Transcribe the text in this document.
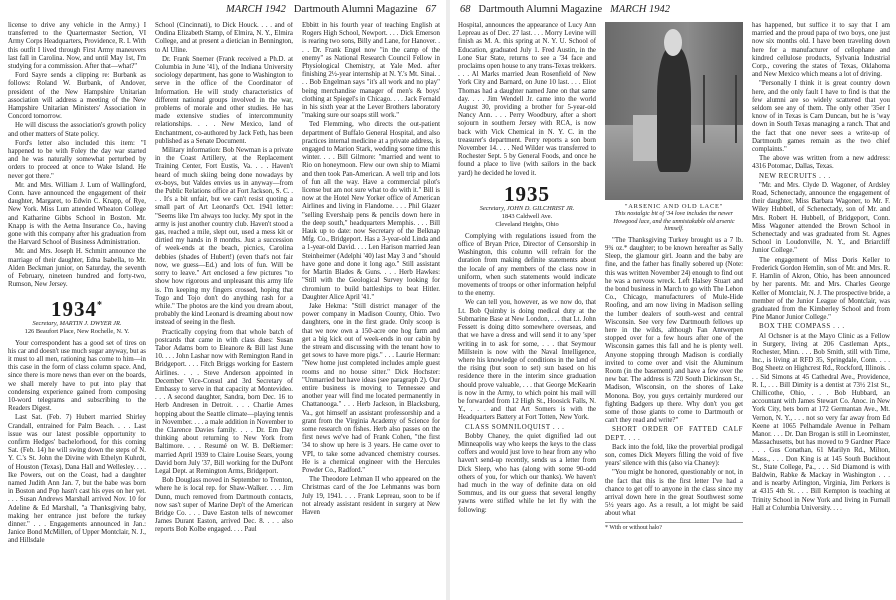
MARCH 1942 Dartmouth Alumni Magazine 67

license to drive any vehicle in the Army.) I transferred to the Quartermaster Section, VI Army Corps Headquarters, Providence, R. I. With this outfit I lived through First Army maneuvers last fall in Carolina. Now, and until May 1st, I'm studying for a commission. After that—what?"

Ford Sayre sends a clipping re: Burbank as follows: Roland W. Burbank, of Andover, president of the New Hampshire Unitarian association will address a meeting of the New Hampshire Unitarian Ministers' Association in Concord tomorrow.

He will discuss the association's growth policy and other matters of State policy.

Ford's letter also included this item: "I happened to be with Foley the day war started and he was naturally somewhat perturbed by orders to proceed at once to Wake Island. He never got there."

Mr. and Mrs. William J. Lum of Wallingford, Conn. have announced the engagement of their daughter, Margaret, to Edwin C. Knapp, of Rye, New York. Miss Lum attended Wheaton College and Katharine Gibbs School in Boston. Mr. Knapp is with the Aetna Insurance Co., having gone with this company after his graduation from the Harvard School of Business Administration.

Mr. and Mrs. Joseph H. Schmitt announce the marriage of their daughter, Edna Isabella, to Mr. Alden Beckman junior, on Saturday, the seventh of February, nineteen hundred and forty-two, Rumson, New Jersey.

1934*
Secretary, MARTIN J. DWYER JR.
126 Beaufort Place, New Rochelle, N. Y.

Your correspondent has a good set of tires on his car and doesn't use much sugar anyway, but as it must to all men, rationing has come to him—in this case in the form of class column space. And, since there is more news than ever on the boards, we shall merely have to put into play that condensing experience gained from composing 10-word telegrams and subscribing to the Readers Digest.

Last Sat. (Feb. 7) Hubert married Shirley Crandall, entrained for Palm Beach. . . . Last issue was our latest possible opportunity to confirm Hedges' bachelorhood, for this coming Sat. (Feb. 14) he will swing down the steps of N. Y. C.'s St. John the Divine with Ethelyn Kuhrdt, of Houston (Texas), Dana Hall and Wellesley. . . . Ike Powers, out on the Coast, had a daughter named Judith Ann Jan. 7, but the babe was born in Boston and Pop hasn't cast his eyes on her yet. . . . Susan Andrews Marshall arrived Nov. 10 for Adeline & Ed Marshall, "a Thanksgiving baby, making her entrance just before the turkey dinner." . . . Engagements announced in Jan.: Janice Bond McMillen, of Upper Montclair, N. J., and Hillsdale

School (Cincinnati), to Dick Houck. . . . and of Ondina Elizabeth Stamp, of Elmira, N. Y., Elmira College, and at present a dietician in Bennington, to Al Uline.

Dr. Frank Snerner (Frank received a Ph.D. at Columbia in June '41), of the Indiana University sociology department, has gone to Washington to serve in the office of the Coordinator of Information. He will study characteristics of different national groups involved in the war, problems of morale and other studies. He has made extensive studies of intercommunity relationships. . . . New Mexico, land of Enchantment, co-authored by Jack Feth, has been published as a Senate Document.

Military information: Bob Newman is a private in the Coast Artillery, at the Replacement Training Center, Fort Eustis, Va. . . . Haven't heard of much skiing being done nowadays by ex-boys, but Valdes envies us in anyway—from the Public Relations office at Fort Jackson, S. C. . . . It's a bit unfair, but we can't resist quoting a small part of Art Leonard's Oct. 1941 letter: "Seems like I'm always too lucky. My spot in the army is just another country club. Haven't stood a gas, reached a mile, slept out, used a mess kit or dirtied my hands in 8 months. Just a succession of week-ends at the beach, picnics, Carolina debbies (shades of Hubert!) (even that's not fair now, we guess—Ed.) and lots of fun. Will be sorry to leave." Art enclosed a few pictures "to show how rigorous and unpleasant this army life is. I'm keeping my fingers crossed, hoping that Togo and Tojo don't do anything rash for a while." The photos are the kind you dream about, probably the kind Leonard is dreaming about now instead of seeing in the flesh.

Practically copying from that whole batch of postcards that came in with class dues: Susan Tabor Adams born to Eleanore & Bill last June 10. . . . John Lashar now with Remington Rand in Bridgeport. . . . Fitch Briggs working for Eastern Airlines. . . . Steve Anderson appointed in December Vice-Consul and 3rd Secretary of Embassy to serve in that capacity at Montevideo. . . . A second daughter, Sandra, born Dec. 16 to Herb Andresen in Detroit. . . . Charlie Ames hopping about the Seattle climate—playing tennis in November. . . . a male addition in November to the Clarence Davies family. . . . Dr. Em Day thinking about returning to New York from Baltimore. . . . Resumé on W. B. DeRiemer: married April 1939 to Claire Louise Sears, young David born July '37, Bill working for the DuPont Legal Dept. at Remington Arms, Bridgeport.

Bob Douglass moved in September to Trenton, where he is local rep. for Shaw-Walker. . . . Jim Dunn, much removed from Dartmouth contacts, now sas't super of Marine Dep't of the American Bridge Co. . . . Dave Easton tells of newcomer James Durant Easton, arrived Dec. 8. . . . also reports Bob Kolbe engaged. . . . Paul

Ebbitt in his fourth year of teaching English at Rogers High School, Newport. . . . Dick Emerson is rearing two sons, Billy and Lane, for Hanover. . . . Dr. Frank Engel now "in the camp of the enemy" as National Research Council Fellow in Physiological Chemistry, at Yale Med. after finishing 2½-year internship at N. Y.'s Mt. Sinai. . . . Bob Engelman says "it's all work and no play" being merchandise manager of men's & boys' clothing at Spiegel's in Chicago. . . . Jack Fernald in his sixth year at the Lever Brothers laboratory "making sure our soaps still work."

Ted Flemming, who directs the out-patient department of Buffalo General Hospital, and also practices internal medicine at a private address, is engaged to Marion Stark, wedding some time this winter. . . . Bill Gilmore: "married and went to Rio on honeymoon. Flew our own ship to Miami and then took Pan-American. A well trip and lots of fun all the way. Have a commercial pilot's license but am not sure what to do with it." Bill is now at the Hotel New Yorker office of American Airlines and living in Flandome. . . . Phil Glazer "selling Evershaip pens & pencils down here in the deep south," headquarters Memphis. . . . Bill Hauk up to date: now Secretary of the Belknap Mfg. Co., Bridgeport. Has a 3-year-old Linda and a 1-year-old David. . . . Len Harison married Jean Steinheimer (Adelphi '40) last May 3 and "should have gone and done it long ago." Still assistant for Martin Blades & Guns. . . . Herb Hawkes: "Still with the Geological Survey looking for chromium to build battleships to beat Hitler. Daughter Alice April '41."

Jake Hekma: "Still district manager of the power company in Madison County, Ohio. Two daughters, one in the first grade. Only scoop is that we now own a 150-acre one hog farm and get a big kick out of week-ends in our cabin by the stream and discussing with the tenant how to get sows to have more pigs." . . . Laurie Herman: "New home just completed includes ample guest rooms and no house sitter." Dick Hochster: "Unmarried but have ideas (see paragraph 2). Our entire business is moving to Tennessee and another year will find me located permanently in Chattanooga." . . . Herb Jackson, in Blacksburg, Va., got himself an assistant professorship and a grant from the Virginia Academy of Science for some research on fishes. Herb also passes on the first news we've had of Frank Cohen, "the first '34 to show up here is 3 years. He came over to VPI, to take some advanced chemistry courses. He is a chemical engineer with the Hercules Powder Co., Radford."

The Theodore Lehman II who appeared on the Christmas card of the Joe Lehmanns was born July 19, 1941. . . . Frank Lepreau, soon to be if not already assistant resident in surgery at New Haven

68 Dartmouth Alumni Magazine MARCH 1942

Hospital, announces the appearance of Lucy Ann Lepreau as of Dec. 27 last. . . . Morry Levine will finish as M. A. this spring at N. Y. U. School of Education, graduated July 1. Fred Austin, in the Lone Star State, returns to see a '34 face and proclaims open house to any trans-Texas trekkers. . . . Al Marks married Jean Rosenfield of New York City and Barnard, on June 10 last. . . . Eliot Thomas had a daughter named Jane on that same day. . . . Jim Wendell Jr. came into the world August 30, providing a brother for 5-year-old Nancy Ann. . . . Perry Woodbury, after a short sojourn in southern Jersey with RCA, is now back with Vick Chemical in N. Y. C. in the treasurer's department. Perry reports a son born November 14. . . . Ned Wilder was transferred to Rochester Sept. 5 by General Foods, and once he found a place to live (with sailors in the back yard) he decided he loved it.

1935
Secretary, JOHN D. GILCHRIST JR.
1843 Caldwell Ave.
Cleveland Heights, Ohio

Complying with regulations issued from the office of Bryan Price, Director of Censorship in Washington, this column will refrain for the duration from making definite statements about the locale of any members of the class now in uniform, when such statements would indicate movements of troops or other information helpful to the enemy.

We can tell you, however, as we now do, that Lt. Bob Quimby is doing medical duty at the Submarine Base at New London, . . . that Lt. John Fessett is doing ditto somewhere overseas, and that we have a dress and will send it to any 'sper writing in to ask for some, . . . that Seymour Millstein is now with the Naval Intelligence, where his knowledge of conditions in the land of the rising (but soon to set) sun based on his residence there in the interim since graduation should prove valuable, . . . that George McKearin is now in the Army, to which point his mail will be forwarded from 12 High St., Hoosick Falls, N. Y., . . . and that Art Somers is with the Headquarters Battery at Fort Totten, New York.

CLASS SOMNILOQUIST . . .

Bobby Chaney, the quiet dignified lad out Minneapolis way who keeps the keys to the class coffers and would just love to hear from any who haven't send-up recently, sends us a letter from Dick Sleep, who has (along with some 90-odd others of you, for which our thanks). We haven't had much in the way of definite data on old Sommus, and its our guess that several lengthy yawns were stifled while he let fly with the following:

"ARSENIC AND OLD LACE"
This nostalgic bit of '34 love includes the newer Howgood lace, and the unmistakable old arsenic himself.

"The Thanksgiving Turkey brought us a 7 lb. 9¾ oz.* daughter; to be known hereafter as Sally Sleep, the glamour girl. Joann and the baby are fine, and the father has finally sobered up (Note: this was written November 24) enough to find out he was a nervous wreck. Left Halsey Stuart and the bond business in March to go with The Lehon Co., Chicago, manufacturers of Mule-Hide Roofing, and am now living in Madison selling the lumber dealers of south-west and central Wisconsin. See very few Dartmouth fellows up here in the wilds, although Fan Antwerpen stopped over for a few hours after one of the Wisconsin games this fall and he is plenty well. Anyone stopping through Madison is cordially invited to come over and visit the Aluminum Room (in the basement) and have a few over the new bar. The address is 720 South Dickinson St., Madison, Wisconsin, on the shores of Lake Monona. Boy, you guys certainly murdered our fighting Badgers up there. Why don't you get some of those giants to come to Dartmouth or can't they read and write?"

SHORT ORDER OF FATTED CALF DEPT. . . .

Back into the fold, like the proverbial prodigal son, comes Dick Meyers filling the void of five years' silence with this (also via Chaney):

"You might be honored, questionably or not, in the fact that this is the first letter I've had a chance to get off to anyone in the class since my arrival down here in the great Southwest some 5½ years ago. As a result, a lot might be said about what

* With or without halo?

has happened, but suffice it to say that I am married and the proud papa of two boys, one just now six months old. I have been traveling down here for a manufacturer of cellophane and kindred cellulose products, Sylvania Industrial Corp., covering the states of Texas, Oklahoma and New Mexico which means a lot of driving.

"Personally I think it is great country down here, and the only fault I have to find is that the few alumni are so widely scattered that you seldom see any of them. The only other '35er I know of in Texas is Cam Duncan, but he is 'way down in South Texas managing a ranch. That and the fact that one never sees a write-up of Dartmouth games remain as the two chief complaints."

The above was written from a new address: 4316 Potomac, Dallas, Texas.

NEW RECRUITS . . .

"Mr. and Mrs. Clyde D. Wagoner, of Ardsley Road, Schenectady, announce the engagement of their daughter, Miss Barbara Wagoner, to Mr. F. Wiley Hubbell, of Schenectady, son of Mr. and Mrs. Robert H. Hubbell, of Bridgeport, Conn. Miss Wagoner attended the Brown School in Schenectady and was graduated from St. Agnes School in Loudonville, N. Y., and Briarcliff Junior College."

The engagement of Miss Doris Keller to Frederick Gordon Hemlin, son of Mr. and Mrs. R. F. Hamlin of Akron, Ohio, has been announced by her parents. Mr. and Mrs. Charles George Keller of Montclair, N. J. The prospective bride, a member of the Junior League of Montclair, was graduated from the Kimberley School and from Pine Manor Junior College."

BOX THE COMPASS . . .

Al Ochsner is at the Mayo Clinic as a Fellow in Surgery, living at 206 Castleman Apts., Rochester, Minn. . . . Bob Smith, still with Time, Inc., is living at RFD 35, Springdale, Conn. . . . Bog Sheetz on Highcrest Rd., Rockford, Illinois. . . . Sid Simons at 45 Cathedral Ave., Providence, R. I., . . . Bill Dimity is a dentist at 73½ 21st St., Chillicothe, Ohio, . . . Bob Hubbard, an accountant with James Stewart Co. Anoc. in New York City, bets born at 172 Germantan Ave., Mt. Vernon, N. Y., . . . not so very far away from Ed Keene at 1065 Pelhamdale Avenue in Pelham Manor. . . . Dr. Dan Brogan is still in Leominster, Massachusetts, but has moved to 9 Gardner Place . . . Gus Conathan, 61 Marilyn Rd., Milton, Mass., . . . Don King is at 145 South Buckhout St., State College, Pa., . . . Sid Diamond is with Baldwin, Rabke & Mackay in Washington . . . and is nearby Arlington, Virginia, Jim Perkers is at 4315 4th St. . . . Bill Kempton is teaching at Trinity School in New York and living in Furnall Hall at Columbia University. . . .
